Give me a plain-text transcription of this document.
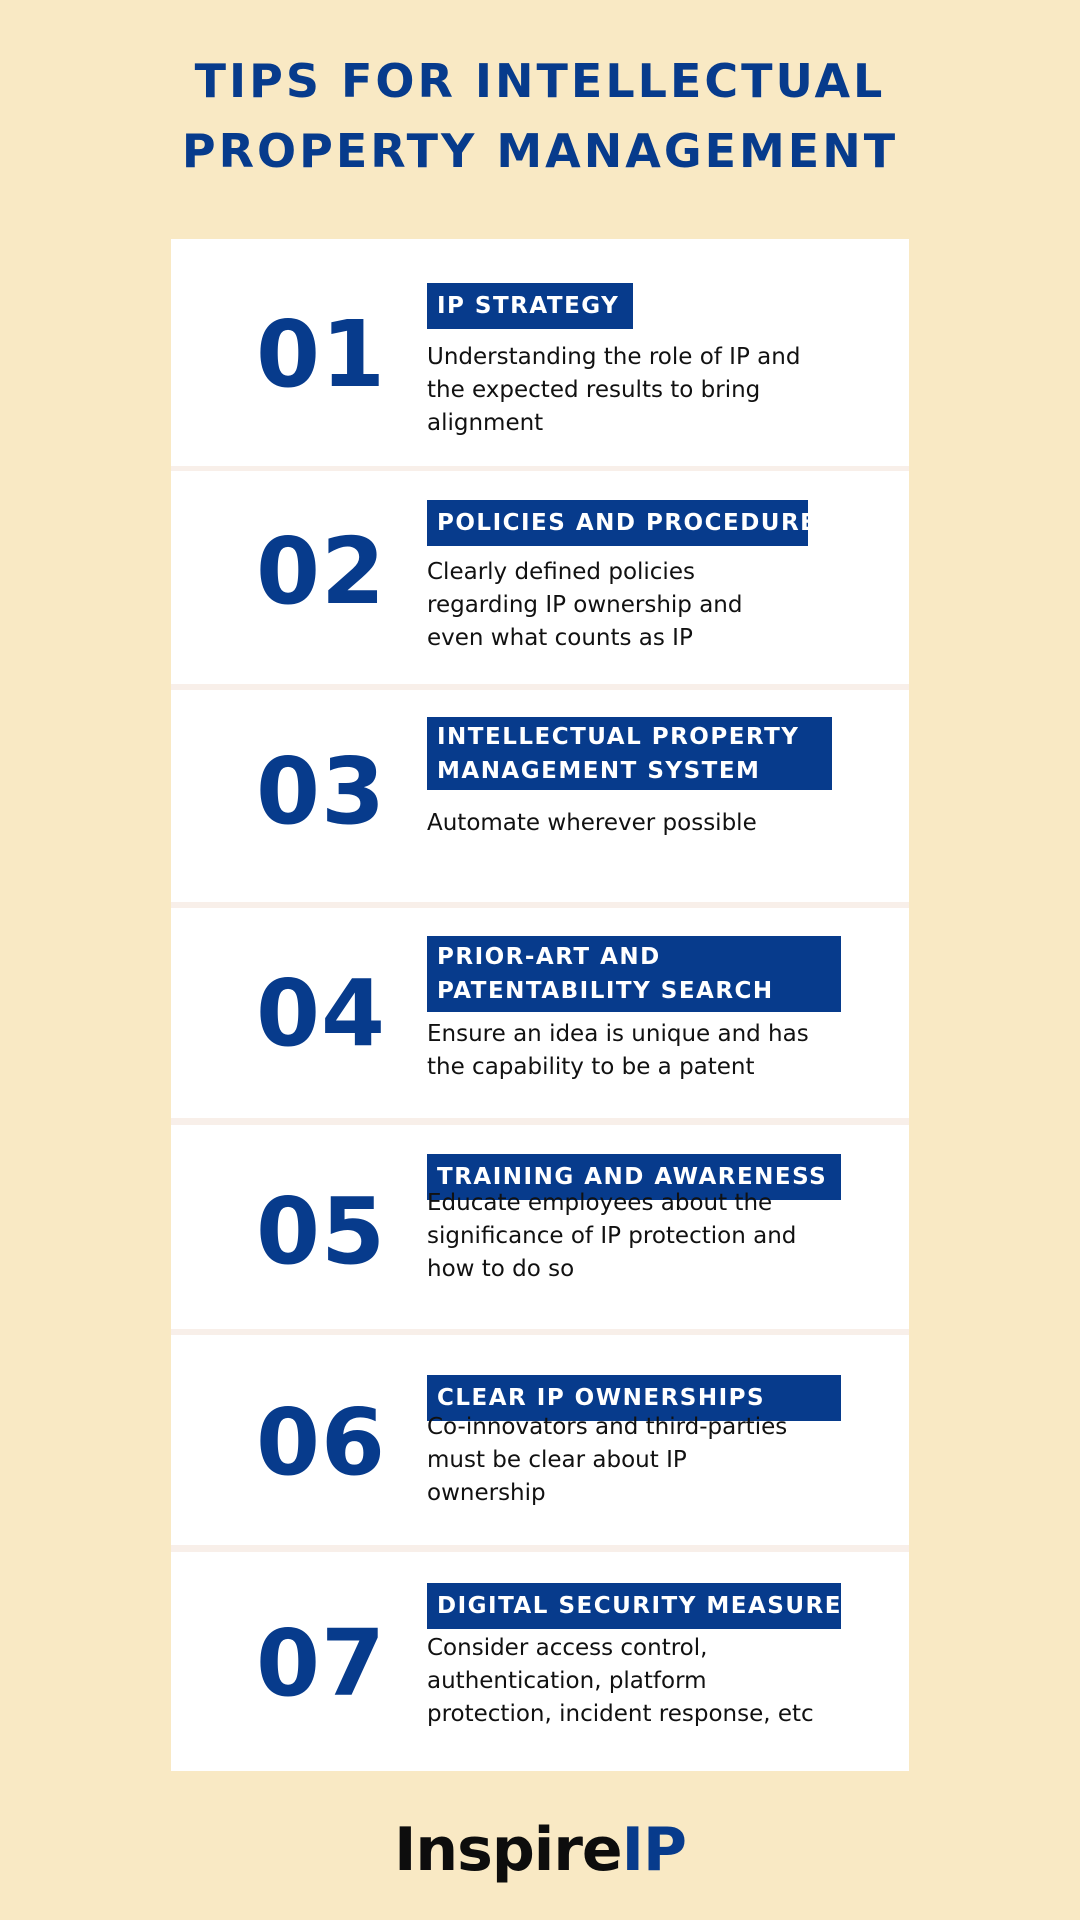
TIPS FOR INTELLECTUAL
PROPERTY MANAGEMENT
01	IP STRATEGY
Understanding the role of IP and
the expected results to bring
alignment
02	POLICIES AND PROCEDURES
Clearly defined policies
regarding IP ownership and
even what counts as IP
03
INTELLECTUAL PROPERTY
MANAGEMENT SYSTEM
Automate wherever possible
04
PRIOR-ART AND
PATENTABILITY SEARCH
Ensure an idea is unique and has
the capability to be a patent
05
TRAINING AND AWARENESS
Educate employees about the
significance of IP protection and
how to do so
06	CLEAR IP OWNERSHIPS
Co-innovators and third-parties
must be clear about IP
ownership
07
DIGITAL SECURITY MEASURES
Consider access control,
authentication, platform
protection, incident response, etc
InspireIP
